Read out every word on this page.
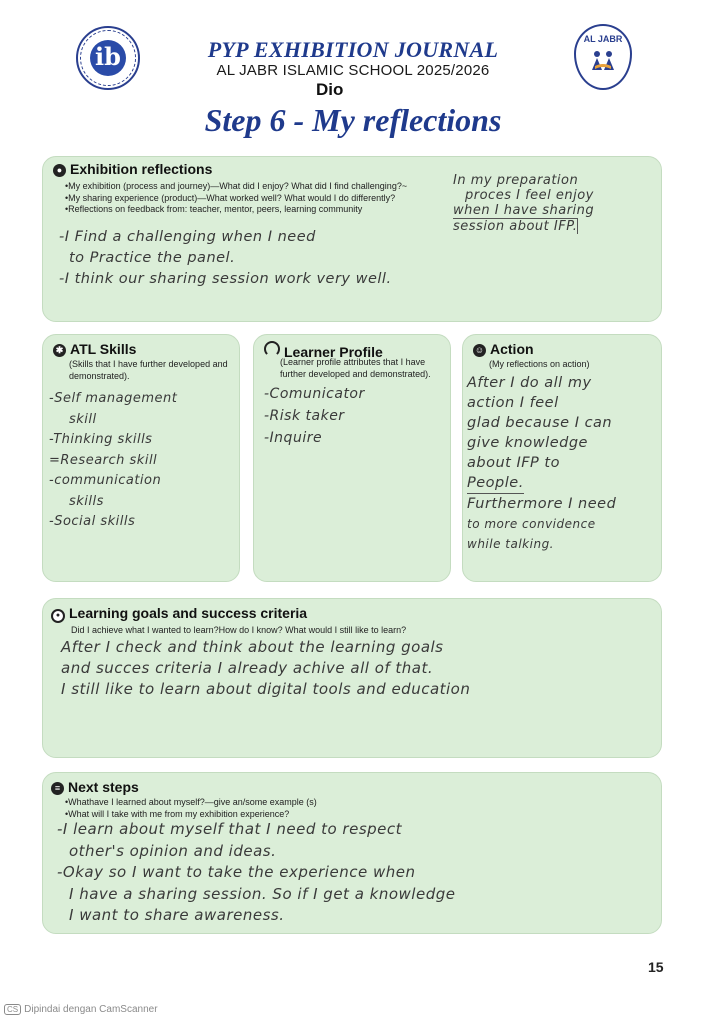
ib
AL JABR
PYP EXHIBITION JOURNAL
AL JABR ISLAMIC SCHOOL 2025/2026
Dio
Step 6 - My reflections
● Exhibition reflections
•My exhibition (process and journey)—What did I enjoy? What did I find challenging?~
•My sharing experience (product)—What worked well? What would I do differently?
•Reflections on feedback from: teacher, mentor, peers, learning community
In my preparation
proces I feel enjoy
when I have sharing
session about IFP.
-I Find a challenging when I need
to Practice the panel.
-I think our sharing session work very well.
✱ ATL Skills
(Skills that I have further developed and demonstrated).
-Self management
skill
-Thinking skills
=Research skill
-communication
skills
-Social skills
Learner Profile
(Learner profile attributes that I have further developed and demonstrated).
-Comunicator
-Risk taker
-Inquire
☺ Action
(My reflections on action)
After I do all my
action I feel
glad because I can
give knowledge
about IFP to
People.
Furthermore I need
to more convidence
while talking.
● Learning goals and success criteria
Did I achieve what I wanted to learn?How do I know? What would I still like to learn?
After I check and think about the learning goals
and succes criteria I already achive all of that.
I still like to learn about digital tools and education
≡ Next steps
•Whathave I learned about myself?—give an/some example (s)
•What will I take with me from my exhibition experience?
-I learn about myself that I need to respect
other's opinion and ideas.
-Okay so I want to take the experience when
I have a sharing session. So if I get a knowledge
I want to share awareness.
15
CS Dipindai dengan CamScanner
